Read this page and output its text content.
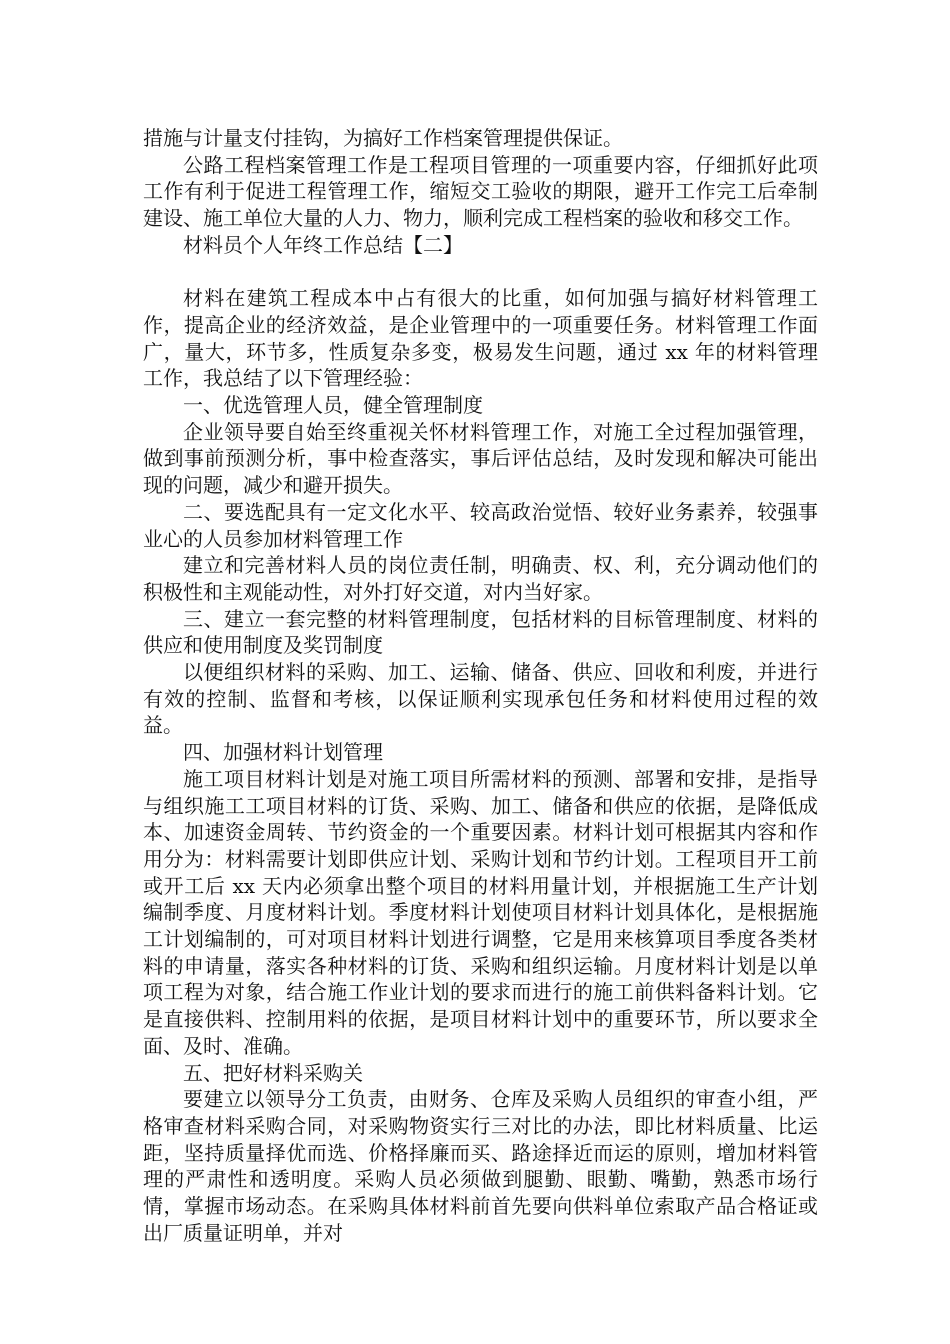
措施与计量支付挂钩，为搞好工作档案管理提供保证。

公路工程档案管理工作是工程项目管理的一项重要内容，仔细抓好此项工作有利于促进工程管理工作，缩短交工验收的期限，避开工作完工后牵制建设、施工单位大量的人力、物力，顺利完成工程档案的验收和移交工作。

材料员个人年终工作总结【二】

材料在建筑工程成本中占有很大的比重，如何加强与搞好材料管理工作，提高企业的经济效益，是企业管理中的一项重要任务。材料管理工作面广，量大，环节多，性质复杂多变，极易发生问题，通过 xx 年的材料管理工作，我总结了以下管理经验：

一、优选管理人员，健全管理制度

企业领导要自始至终重视关怀材料管理工作，对施工全过程加强管理，做到事前预测分析，事中检查落实，事后评估总结，及时发现和解决可能出现的问题，减少和避开损失。

二、要选配具有一定文化水平、较高政治觉悟、较好业务素养，较强事业心的人员参加材料管理工作

建立和完善材料人员的岗位责任制，明确责、权、利，充分调动他们的积极性和主观能动性，对外打好交道，对内当好家。

三、建立一套完整的材料管理制度，包括材料的目标管理制度、材料的供应和使用制度及奖罚制度

以便组织材料的采购、加工、运输、储备、供应、回收和利废，并进行有效的控制、监督和考核，以保证顺利实现承包任务和材料使用过程的效益。

四、加强材料计划管理

施工项目材料计划是对施工项目所需材料的预测、部署和安排，是指导与组织施工工项目材料的订货、采购、加工、储备和供应的依据，是降低成本、加速资金周转、节约资金的一个重要因素。材料计划可根据其内容和作用分为：材料需要计划即供应计划、采购计划和节约计划。工程项目开工前或开工后 xx 天内必须拿出整个项目的材料用量计划，并根据施工生产计划编制季度、月度材料计划。季度材料计划使项目材料计划具体化，是根据施工计划编制的，可对项目材料计划进行调整，它是用来核算项目季度各类材料的申请量，落实各种材料的订货、采购和组织运输。月度材料计划是以单项工程为对象，结合施工作业计划的要求而进行的施工前供料备料计划。它是直接供料、控制用料的依据，是项目材料计划中的重要环节，所以要求全面、及时、准确。

五、把好材料采购关

要建立以领导分工负责，由财务、仓库及采购人员组织的审查小组，严格审查材料采购合同，对采购物资实行三对比的办法，即比材料质量、比运距，坚持质量择优而选、价格择廉而买、路途择近而运的原则，增加材料管理的严肃性和透明度。采购人员必须做到腿勤、眼勤、嘴勤，熟悉市场行情，掌握市场动态。在采购具体材料前首先要向供料单位索取产品合格证或出厂质量证明单，并对
